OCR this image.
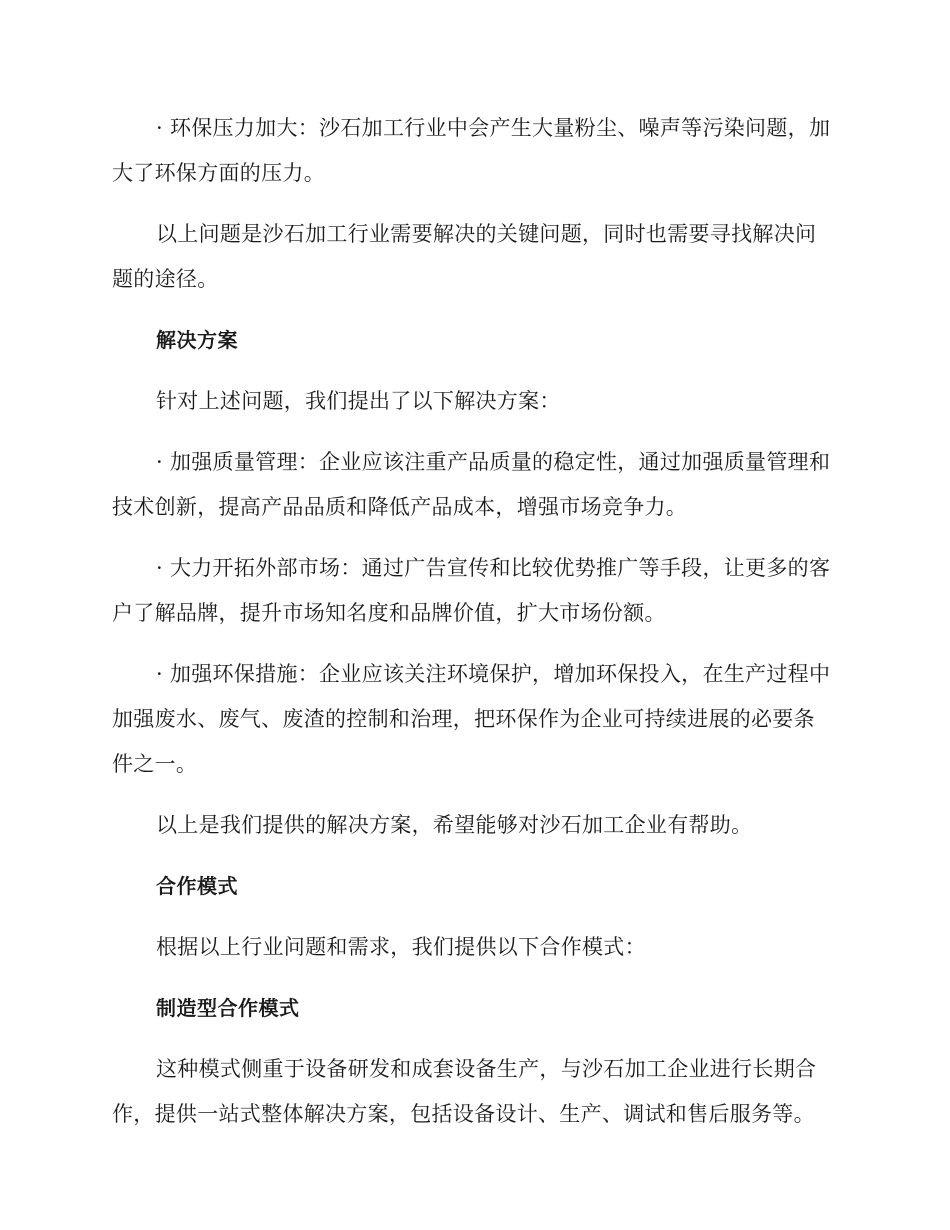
· 环保压力加大：沙石加工行业中会产生大量粉尘、噪声等污染问题，加大了环保方面的压力。

以上问题是沙石加工行业需要解决的关键问题，同时也需要寻找解决问题的途径。

解决方案

针对上述问题，我们提出了以下解决方案：

· 加强质量管理：企业应该注重产品质量的稳定性，通过加强质量管理和技术创新，提高产品品质和降低产品成本，增强市场竞争力。

· 大力开拓外部市场：通过广告宣传和比较优势推广等手段，让更多的客户了解品牌，提升市场知名度和品牌价值，扩大市场份额。

· 加强环保措施：企业应该关注环境保护，增加环保投入，在生产过程中加强废水、废气、废渣的控制和治理，把环保作为企业可持续进展的必要条件之一。

以上是我们提供的解决方案，希望能够对沙石加工企业有帮助。

合作模式

根据以上行业问题和需求，我们提供以下合作模式：

制造型合作模式

这种模式侧重于设备研发和成套设备生产，与沙石加工企业进行长期合作，提供一站式整体解决方案，包括设备设计、生产、调试和售后服务等。
